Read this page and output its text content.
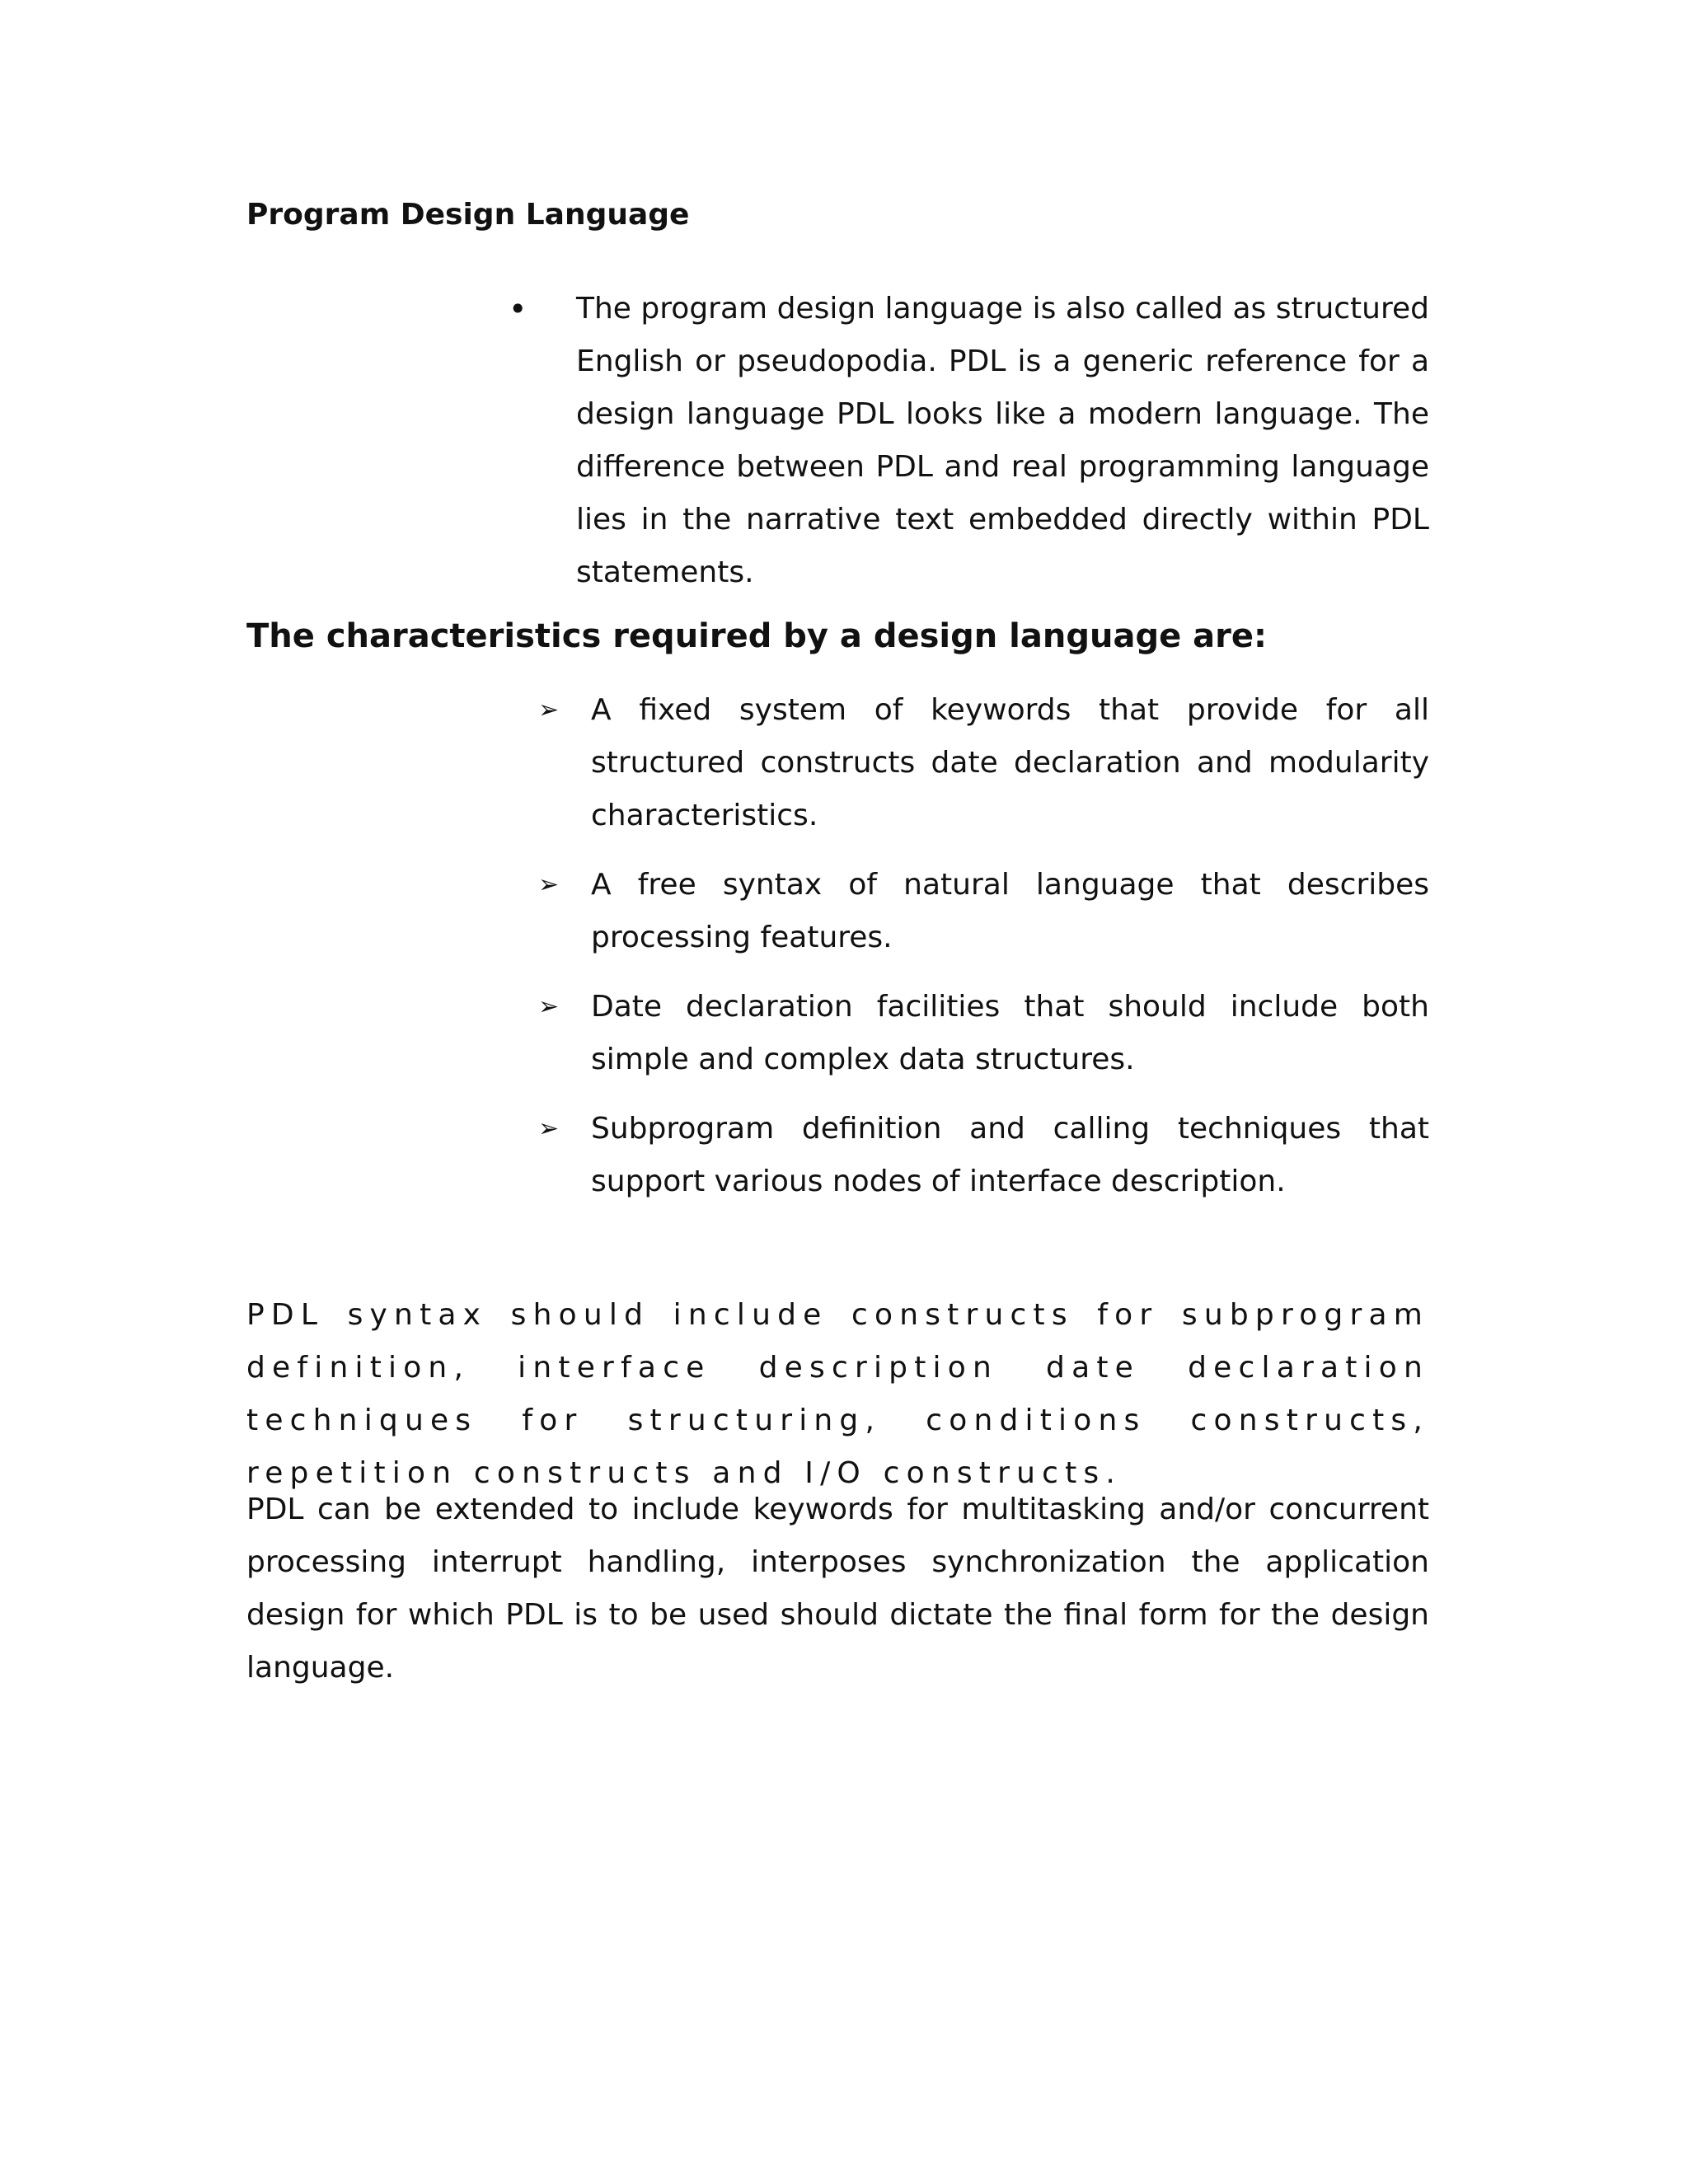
Program Design Language
•	The program design language is also called as structured English or pseudopodia. PDL is a generic reference for a design language PDL looks like a modern language. The difference between PDL and real programming language lies in the narrative text embedded directly within PDL statements.

The characteristics required by a design language are:
➢	A fixed system of keywords that provide for all structured constructs date declaration and modularity characteristics.

➢	A free syntax of natural language that describes processing features.

➢	Date declaration facilities that should include both simple and complex data structures.

➢	Subprogram definition and calling techniques that support various nodes of interface description.

PDL syntax should include constructs for subprogram definition, interface description date declaration techniques for structuring, conditions constructs, repetition constructs and I/O constructs.

PDL can be extended to include keywords for multitasking and/or concurrent processing interrupt handling, interposes synchronization the application design for which PDL is to be used should dictate the final form for the design language.
